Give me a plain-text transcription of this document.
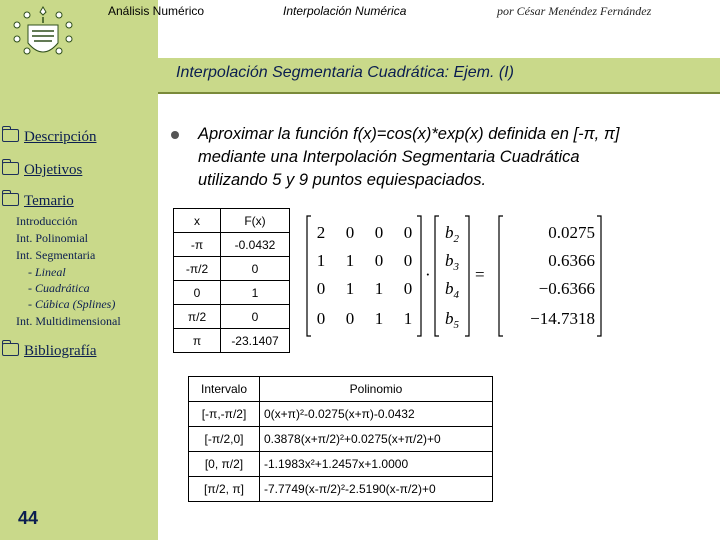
Análisis Numérico	Interpolación Numérica	por César Menéndez Fernández
Interpolación Segmentaria Cuadrática: Ejem. (I)
Descripción
Objetivos
Temario
Introducción
Int. Polinomial
Int. Segmentaria
- Lineal
- Cuadrática
- Cúbica (Splines)
Int. Multidimensional
Bibliografía
44
Aproximar la función f(x)=cos(x)*exp(x) definida en [-π, π]
mediante una Interpolación Segmentaria Cuadrática
utilizando 5 y 9 puntos equiespaciados.
x	F(x)
-π	-0.0432
-π/2	0
0	1
π/2	0
π	-23.1407
2 0 0 0
1 1 0 0
0 1 1 0
0 0 1 1
$b_2$
$b_3$
$b_4$
$b_5$
·	=
0.0275
0.6366
−0.6366
−14.7318
Intervalo	Polinomio
[-π,-π/2]	0(x+π)²-0.0275(x+π)-0.0432
[-π/2,0]	0.3878(x+π/2)²+0.0275(x+π/2)+0
[0, π/2]	-1.1983x²+1.2457x+1.0000
[π/2, π]	-7.7749(x-π/2)²-2.5190(x-π/2)+0
